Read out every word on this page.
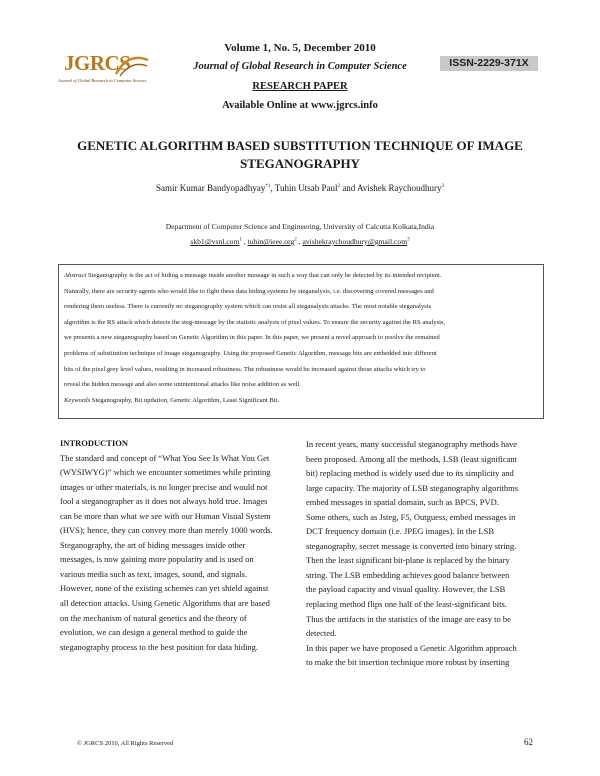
JGRCS
Journal of Global Research in Computer Science
Volume 1, No. 5, December 2010
Journal of Global Research in Computer Science	ISSN-2229-371X
RESEARCH PAPER
Available Online at www.jgrcs.info
GENETIC ALGORITHM BASED SUBSTITUTION TECHNIQUE OF IMAGE
STEGANOGRAPHY
Samir Kumar Bandyopadhyay$^{*1}$, Tuhin Utsab Paul$^2$ and Avishek Raychoudhury$^3$
Department of Computer Science and Engineering, University of Calcutta Kolkata,India
skb1@vsnl.com$^1$ , tuhin@ieee.org$^2$ , avishekraychoudhury@gmail.com$^3$
Abstract Steganography is the act of hiding a message inside another message in such a way that can only be detected by its intended recipient.
Naturally, there are security agents who would like to fight these data hiding systems by steganalysis, i.e. discovering covered messages and
rendering them useless. There is currently no steganography system which can resist all steganalysis attacks. The most notable steganalysis
algorithm is the RS attack which detects the steg-message by the statistic analysis of pixel values. To ensure the security against the RS analysis,
we presents a new steganography based on Genetic Algorithm in this paper. In this paper, we present a novel approach to resolve the remained
problems of substitution technique of image steganography. Using the proposed Genetic Algorithm, message bits are embedded into different
bits of the pixel grey level values, resulting in increased robustness. The robustness would be increased against those attacks which try to
reveal the hidden message and also some unintentional attacks like noise addition as well.
Keywords Steganography, Bit updation, Genetic Algorithm, Least Significant Bit.

INTRODUCTION

The standard and concept of “What You See Is What You Get

(WYSIWYG)” which we encounter sometimes while printing

images or other materials, is no longer precise and would not

fool a steganographer as it does not always hold true. Images

can be more than what we see with our Human Visual System

(HVS); hence, they can convey more than merely 1000 words.

Steganography, the art of hiding messages inside other

messages, is now gaining more popularity and is used on

various media such as text, images, sound, and signals.

However, none of the existing schemes can yet shield against

all detection attacks. Using Genetic Algorithms that are based

on the mechanism of natural genetics and the theory of

evolution, we can design a general method to guide the

steganography process to the best position for data hiding.

In recent years, many successful steganography methods have

been proposed. Among all the methods, LSB (least significant

bit) replacing method is widely used due to its simplicity and

large capacity. The majority of LSB steganography algorithms

embed messages in spatial domain, such as BPCS, PVD.

Some others, such as Jsteg, F5, Outguess, embed messages in

DCT frequency domain (i.e. JPEG images). In the LSB

steganography, secret message is converted into binary string.

Then the least significant bit-plane is replaced by the binary

string. The LSB embedding achieves good balance between

the payload capacity and visual quality. However, the LSB

replacing method flips one half of the least-significant bits.

Thus the artifacts in the statistics of the image are easy to be

detected.

In this paper we have proposed a Genetic Algorithm approach

to make the bit insertion technique more robust by inserting

© JGRCS 2010, All Rights Reserved	62
